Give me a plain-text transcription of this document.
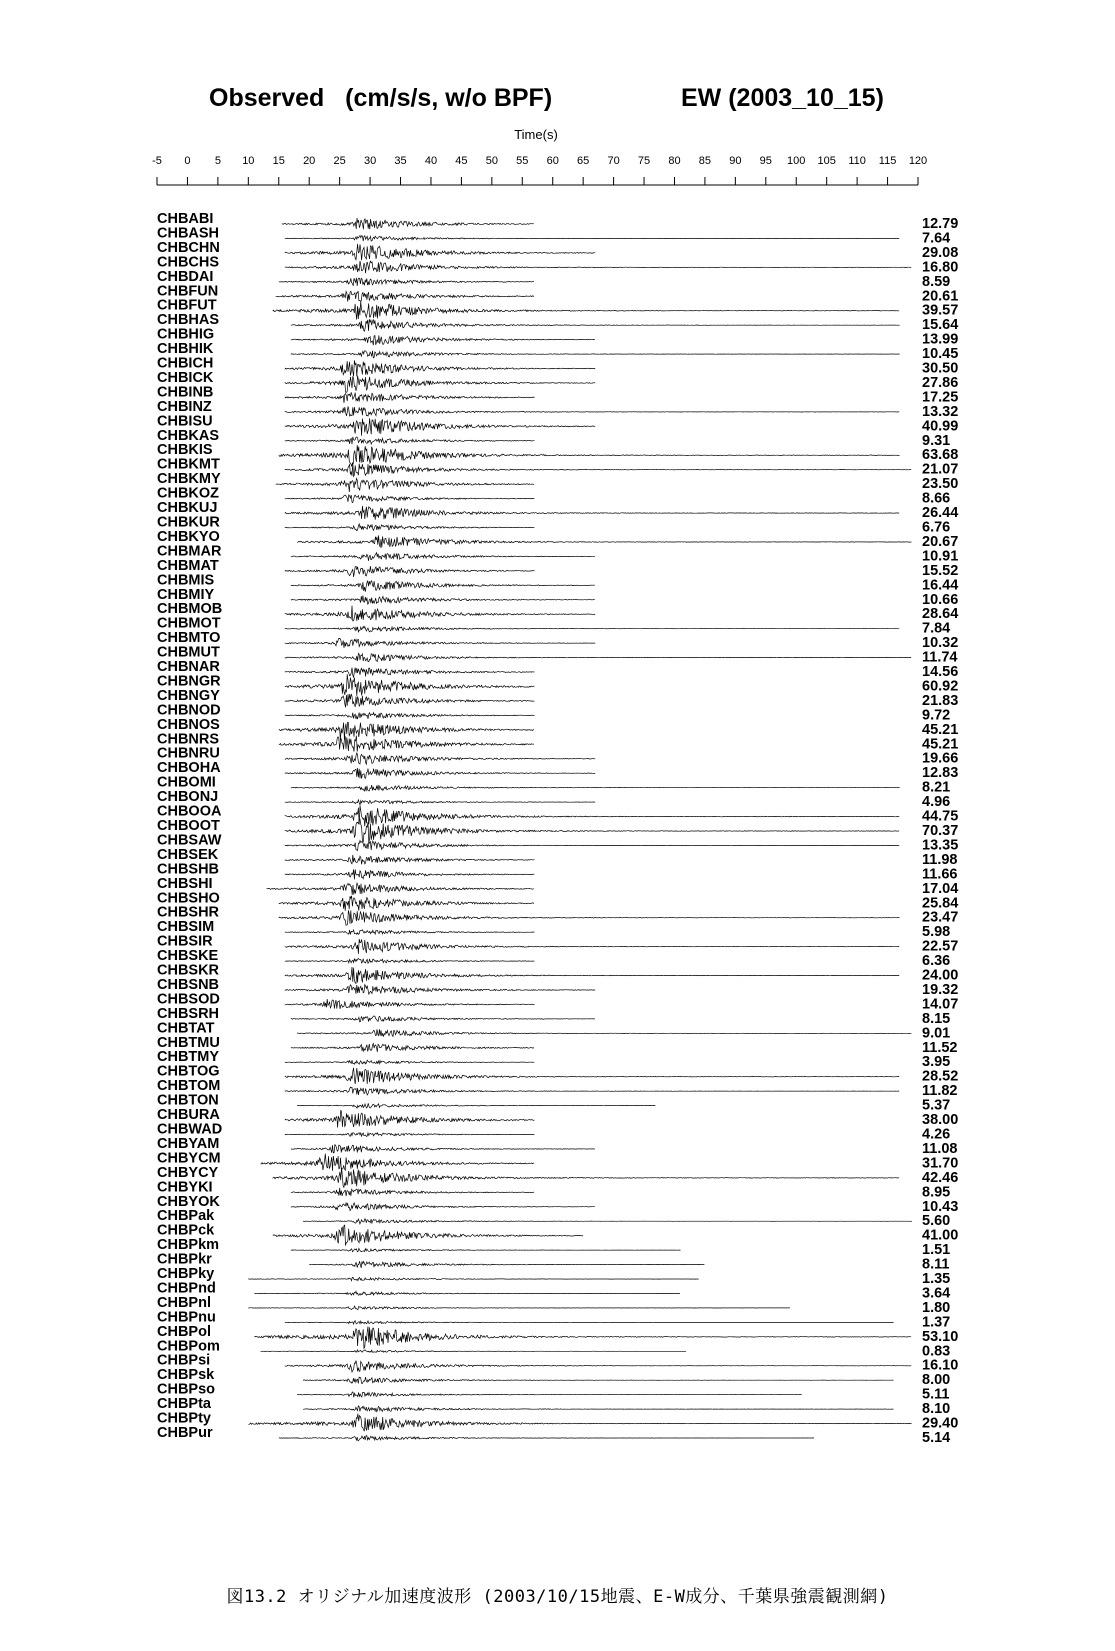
Observed   (cm/s/s, w/o BPF)	EW (2003_10_15)
Time(s)
-5 0 5 10 15 20 25 30 35 40 45 50 55 60 65 70 75 80 85 90 95 100 105 110 115 120
CHBABI	12.79
CHBASH	7.64
CHBCHN	29.08
CHBCHS	16.80
CHBDAI	8.59
CHBFUN	20.61
CHBFUT	39.57
CHBHAS	15.64
CHBHIG	13.99
CHBHIK	10.45
CHBICH	30.50
CHBICK	27.86
CHBINB	17.25
CHBINZ	13.32
CHBISU	40.99
CHBKAS	9.31
CHBKIS	63.68
CHBKMT	21.07
CHBKMY	23.50
CHBKOZ	8.66
CHBKUJ	26.44
CHBKUR	6.76
CHBKYO	20.67
CHBMAR	10.91
CHBMAT	15.52
CHBMIS	16.44
CHBMIY	10.66
CHBMOB	28.64
CHBMOT	7.84
CHBMTO	10.32
CHBMUT	11.74
CHBNAR	14.56
CHBNGR	60.92
CHBNGY	21.83
CHBNOD	9.72
CHBNOS	45.21
CHBNRS	45.21
CHBNRU	19.66
CHBOHA	12.83
CHBOMI	8.21
CHBONJ	4.96
CHBOOA	44.75
CHBOOT	70.37
CHBSAW	13.35
CHBSEK	11.98
CHBSHB	11.66
CHBSHI	17.04
CHBSHO	25.84
CHBSHR	23.47
CHBSIM	5.98
CHBSIR	22.57
CHBSKE	6.36
CHBSKR	24.00
CHBSNB	19.32
CHBSOD	14.07
CHBSRH	8.15
CHBTAT	9.01
CHBTMU	11.52
CHBTMY	3.95
CHBTOG	28.52
CHBTOM	11.82
CHBTON	5.37
CHBURA	38.00
CHBWAD	4.26
CHBYAM	11.08
CHBYCM	31.70
CHBYCY	42.46
CHBYKI	8.95
CHBYOK	10.43
CHBPak	5.60
CHBPck	41.00
CHBPkm	1.51
CHBPkr	8.11
CHBPky	1.35
CHBPnd	3.64
CHBPnl	1.80
CHBPnu	1.37
CHBPol	53.10
CHBPom	0.83
CHBPsi	16.10
CHBPsk	8.00
CHBPso	5.11
CHBPta	8.10
CHBPty	29.40
CHBPur	5.14
図13.2 オリジナル加速度波形 (2003/10/15地震、E-W成分、千葉県強震観測網)
